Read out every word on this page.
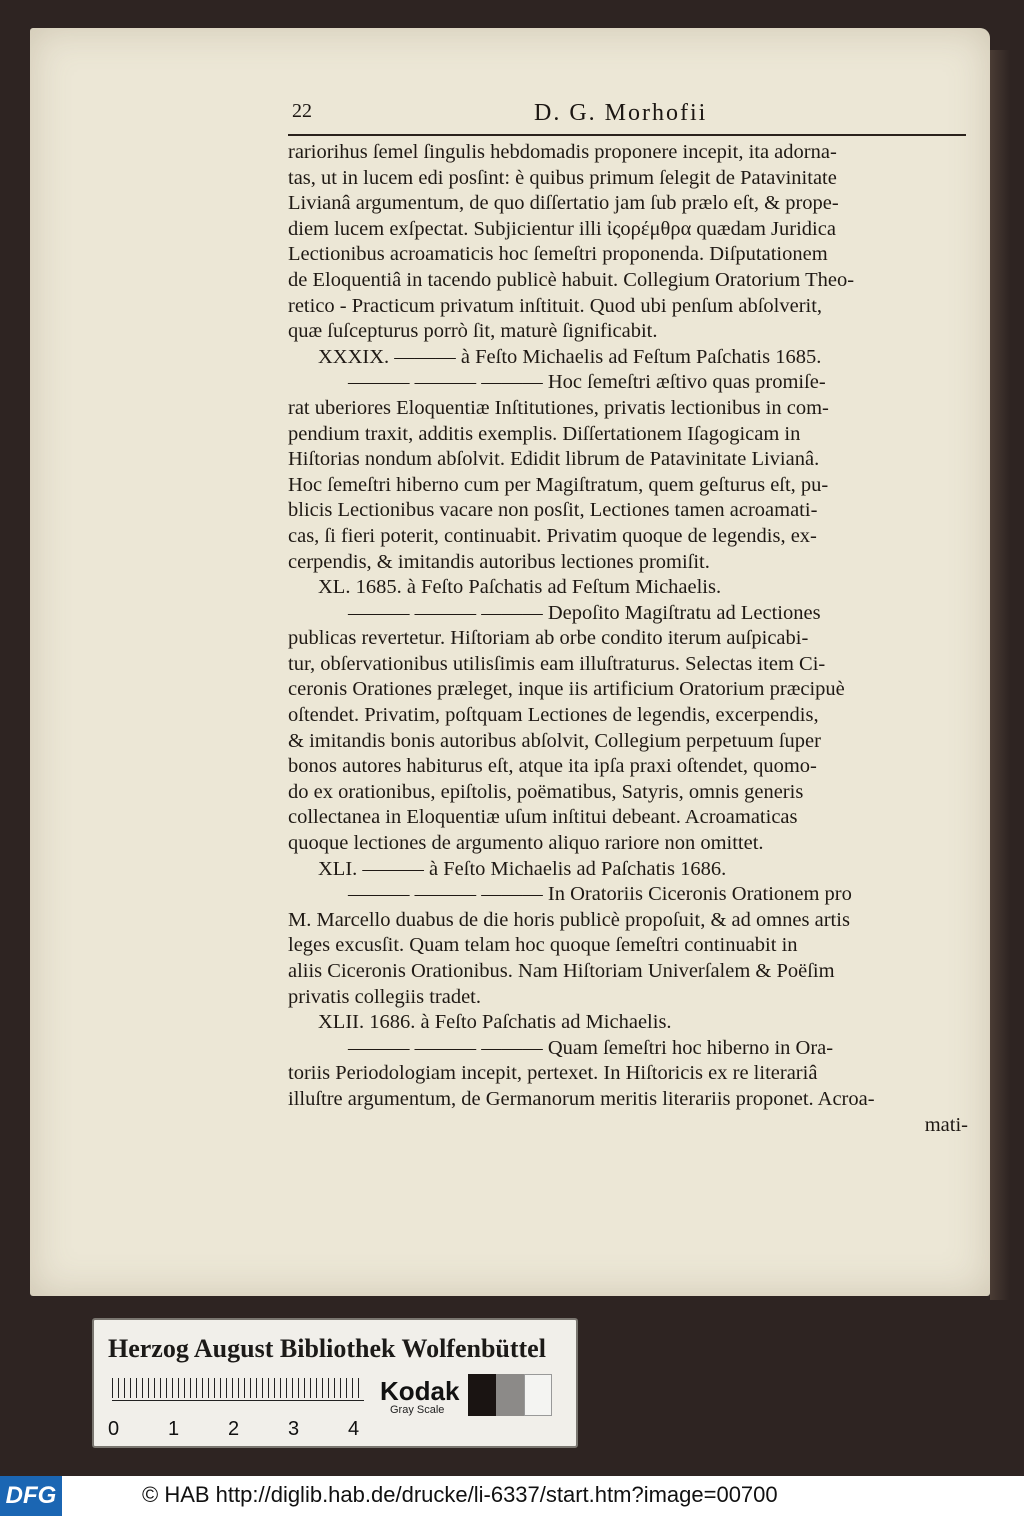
22	D. G. Morhofii
rariorihus ſemel ſingulis hebdomadis proponere incepit, ita adorna-
tas, ut in lucem edi posſint: è quibus primum ſelegit de Patavinitate
Livianâ argumentum, de quo diſſertatio jam ſub prælo eſt, & prope-
diem lucem exſpectat. Subjicientur illi ἰςορέμθρα quædam Juridica
Lectionibus acroamaticis hoc ſemeſtri proponenda. Diſputationem
de Eloquentiâ in tacendo publicè habuit. Collegium Oratorium Theo-
retico - Practicum privatum inſtituit. Quod ubi penſum abſolverit,
quæ ſuſcepturus porrò ſit, maturè ſignificabit.
XXXIX. ——— à Feſto Michaelis ad Feſtum Paſchatis 1685.
——— ——— ——— Hoc ſemeſtri æſtivo quas promiſe-
rat uberiores Eloquentiæ Inſtitutiones, privatis lectionibus in com-
pendium traxit, additis exemplis. Diſſertationem Iſagogicam in
Hiſtorias nondum abſolvit. Edidit librum de Patavinitate Livianâ.
Hoc ſemeſtri hiberno cum per Magiſtratum, quem geſturus eſt, pu-
blicis Lectionibus vacare non posſit, Lectiones tamen acroamati-
cas, ſi fieri poterit, continuabit. Privatim quoque de legendis, ex-
cerpendis, & imitandis autoribus lectiones promiſit.
XL. 1685. à Feſto Paſchatis ad Feſtum Michaelis.
——— ——— ——— Depoſito Magiſtratu ad Lectiones
publicas revertetur. Hiſtoriam ab orbe condito iterum auſpicabi-
tur, obſervationibus utilisſimis eam illuſtraturus. Selectas item Ci-
ceronis Orationes præleget, inque iis artificium Oratorium præcipuè
oſtendet. Privatim, poſtquam Lectiones de legendis, excerpendis,
& imitandis bonis autoribus abſolvit, Collegium perpetuum ſuper
bonos autores habiturus eſt, atque ita ipſa praxi oſtendet, quomo-
do ex orationibus, epiſtolis, poëmatibus, Satyris, omnis generis
collectanea in Eloquentiæ uſum inſtitui debeant. Acroamaticas
quoque lectiones de argumento aliquo rariore non omittet.
XLI. ——— à Feſto Michaelis ad Paſchatis 1686.
——— ——— ——— In Oratoriis Ciceronis Orationem pro
M. Marcello duabus de die horis publicè propoſuit, & ad omnes artis
leges excusſit. Quam telam hoc quoque ſemeſtri continuabit in
aliis Ciceronis Orationibus. Nam Hiſtoriam Univerſalem & Poëſim
privatis collegiis tradet.
XLII. 1686. à Feſto Paſchatis ad Michaelis.
——— ——— ——— Quam ſemeſtri hoc hiberno in Ora-
toriis Periodologiam incepit, pertexet. In Hiſtoricis ex re literariâ
illuſtre argumentum, de Germanorum meritis literariis proponet. Acroa-
mati-
Herzog August Bibliothek Wolfenbüttel
0 1 2 3 4
Kodak
Gray Scale
DFG	© HAB http://diglib.hab.de/drucke/li-6337/start.htm?image=00700
